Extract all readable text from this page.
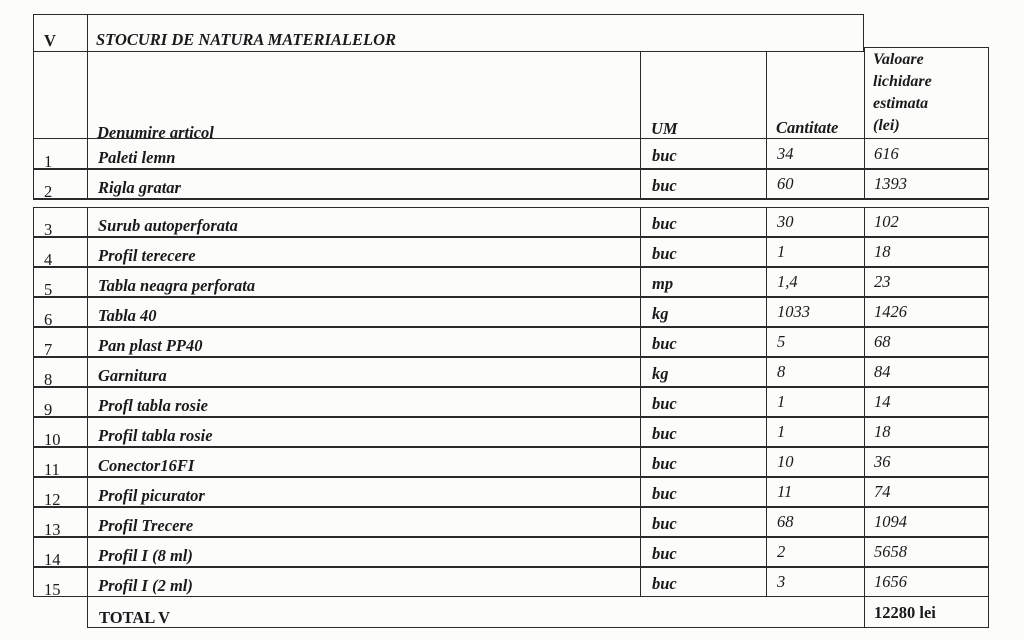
V STOCURI DE NATURA MATERIALELOR
Denumire articol	UM	Cantitate
Valoare
lichidare
estimata
(lei)
1	Paleti lemn	buc	34	616
2	Rigla gratar	buc	60	1393
3	Surub autoperforata	buc	30	102
4	Profil terecere	buc	1	18
5	Tabla neagra perforata	mp	1,4	23
6	Tabla 40	kg	1033	1426
7	Pan plast PP40	buc	5	68
8	Garnitura	kg	8	84
9	Profl tabla rosie	buc	1	14
10 Profil tabla rosie	buc	1	18
11 Conector16FI	buc	10	36
12 Profil picurator	buc	11	74
13 Profil Trecere	buc	68	1094
14 Profil I (8 ml)	buc	2	5658
15 Profil I (2 ml)	buc	3	1656
TOTAL V	12280 lei
